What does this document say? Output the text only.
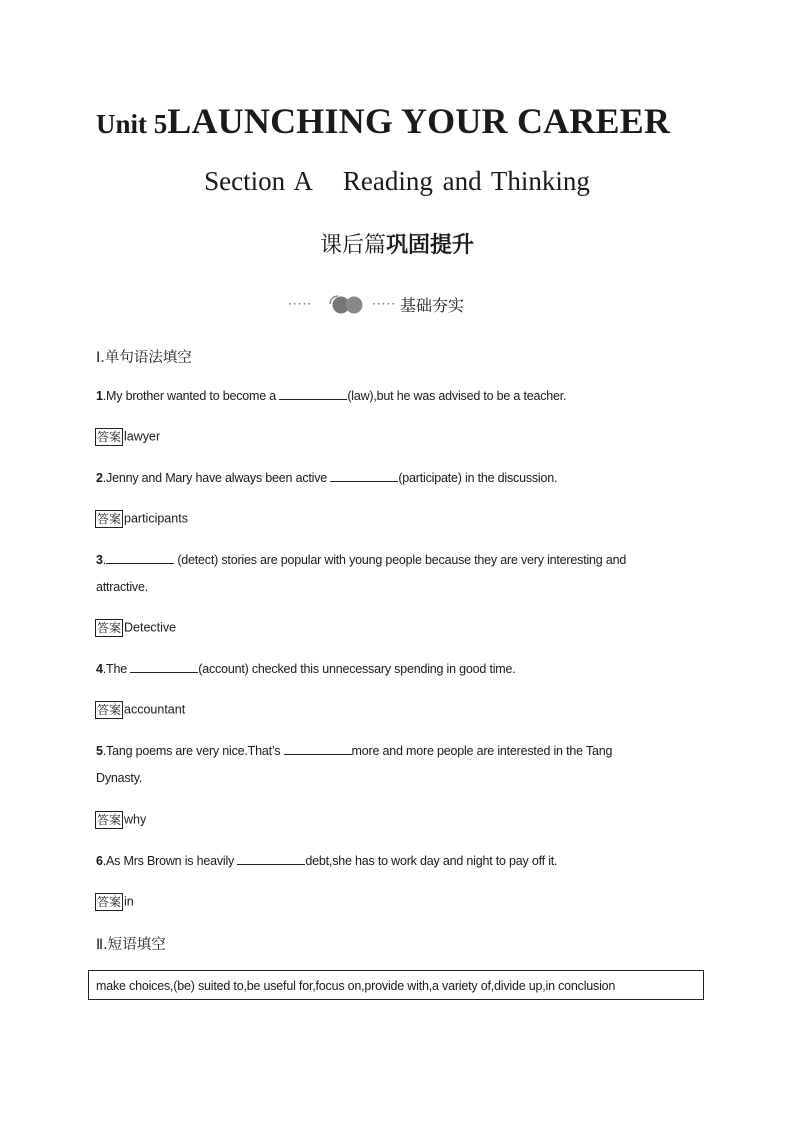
Unit 5LAUNCHING YOUR CAREER
Section A Reading and Thinking
课后篇巩固提升
·····	····· 基础夯实
Ⅰ.单句语法填空
1.My brother wanted to become a	(law),but he was advised to be a teacher.
答案 lawyer
2.Jenny and Mary have always been active	(participate) in the discussion.
答案 participants
3.	(detect) stories are popular with young people because they are very interesting and
attractive.
答案 Detective
4.The	(account) checked this unnecessary spending in good time.
答案 accountant
5.Tang poems are very nice.That’s	more and more people are interested in the Tang
Dynasty.
答案 why
6.As Mrs Brown is heavily	debt,she has to work day and night to pay off it.
答案 in
Ⅱ.短语填空
make choices,(be) suited to,be useful for,focus on,provide with,a variety of,divide up,in conclusion
